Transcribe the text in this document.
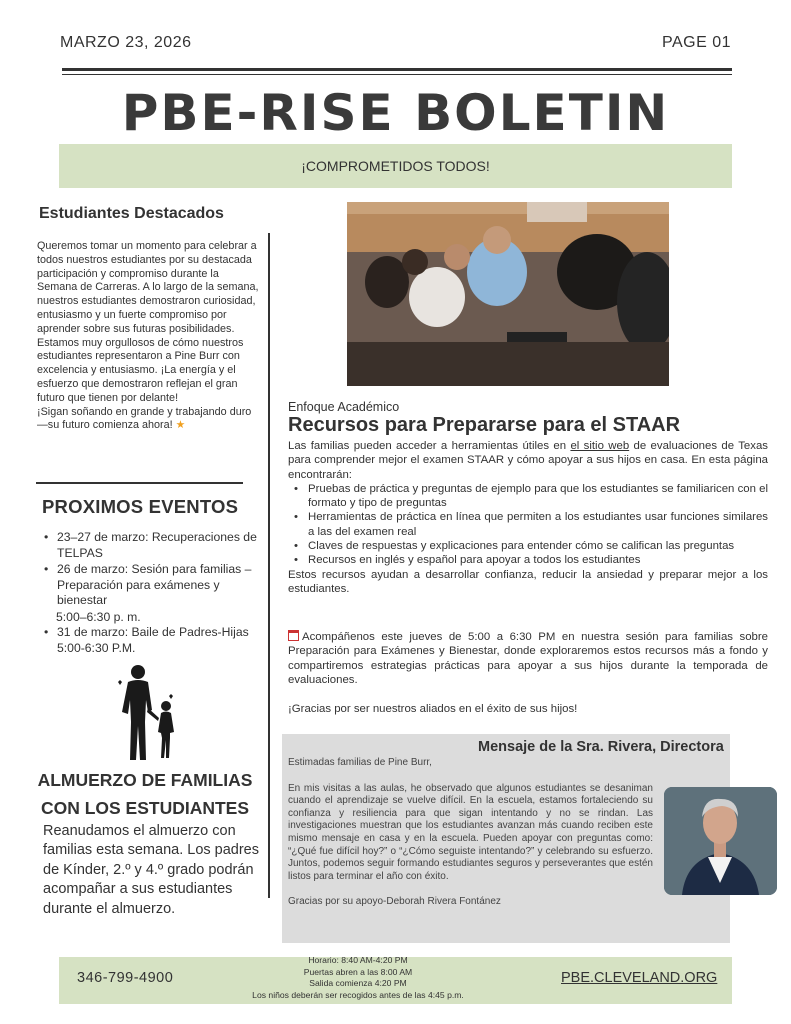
MARZO 23, 2026	PAGE 01
PBE-RISE BOLETIN
¡COMPROMETIDOS TODOS!
Estudiantes Destacados
Queremos tomar un momento para celebrar a todos nuestros estudiantes por su destacada participación y compromiso durante la Semana de Carreras. A lo largo de la semana, nuestros estudiantes demostraron curiosidad, entusiasmo y un fuerte compromiso por aprender sobre sus futuras posibilidades. Estamos muy orgullosos de cómo nuestros estudiantes representaron a Pine Burr con excelencia y entusiasmo. ¡La energía y el esfuerzo que demostraron reflejan el gran futuro que tienen por delante!
¡Sigan soñando en grande y trabajando duro—su futuro comienza ahora! ★
PROXIMOS EVENTOS
• 23–27 de marzo: Recuperaciones de TELPAS
• 26 de marzo: Sesión para familias – Preparación para exámenes y bienestar
5:00–6:30 p. m.
• 31 de marzo: Baile de Padres-Hijas 5:00-6:30 P.M.
ALMUERZO DE FAMILIAS CON LOS ESTUDIANTES
Reanudamos el almuerzo con familias esta semana. Los padres de Kínder, 2.º y 4.º grado podrán acompañar a sus estudiantes durante el almuerzo.
Enfoque Académico
Recursos para Prepararse para el STAAR
Las familias pueden acceder a herramientas útiles en el sitio web de evaluaciones de Texas para comprender mejor el examen STAAR y cómo apoyar a sus hijos en casa. En esta página encontrarán:
• Pruebas de práctica y preguntas de ejemplo para que los estudiantes se familiaricen con el formato y tipo de preguntas
• Herramientas de práctica en línea que permiten a los estudiantes usar funciones similares a las del examen real
• Claves de respuestas y explicaciones para entender cómo se califican las preguntas
• Recursos en inglés y español para apoyar a todos los estudiantes
Estos recursos ayudan a desarrollar confianza, reducir la ansiedad y preparar mejor a los estudiantes.
Acompáñenos este jueves de 5:00 a 6:30 PM en nuestra sesión para familias sobre Preparación para Exámenes y Bienestar, donde exploraremos estos recursos más a fondo y compartiremos estrategias prácticas para apoyar a sus hijos durante la temporada de evaluaciones.
¡Gracias por ser nuestros aliados en el éxito de sus hijos!
Mensaje de la Sra. Rivera, Directora

Estimadas familias de Pine Burr,

En mis visitas a las aulas, he observado que algunos estudiantes se desaniman cuando el aprendizaje se vuelve difícil. En la escuela, estamos fortaleciendo su confianza y resiliencia para que sigan intentando y no se rindan. Las investigaciones muestran que los estudiantes avanzan más cuando reciben este mismo mensaje en casa y en la escuela. Pueden apoyar con preguntas como: “¿Qué fue difícil hoy?” o “¿Cómo seguiste intentando?” y celebrando su esfuerzo. Juntos, podemos seguir formando estudiantes seguros y perseverantes que estén listos para terminar el año con éxito.

Gracias por su apoyo-Deborah Rivera Fontánez

346-799-4900
Horario: 8:40 AM-4:20 PM
Puertas abren a las 8:00 AM
Salida comienza 4:20 PM
Los niños deberán ser recogidos antes de las 4:45 p.m.
PBE.CLEVELAND.ORG
